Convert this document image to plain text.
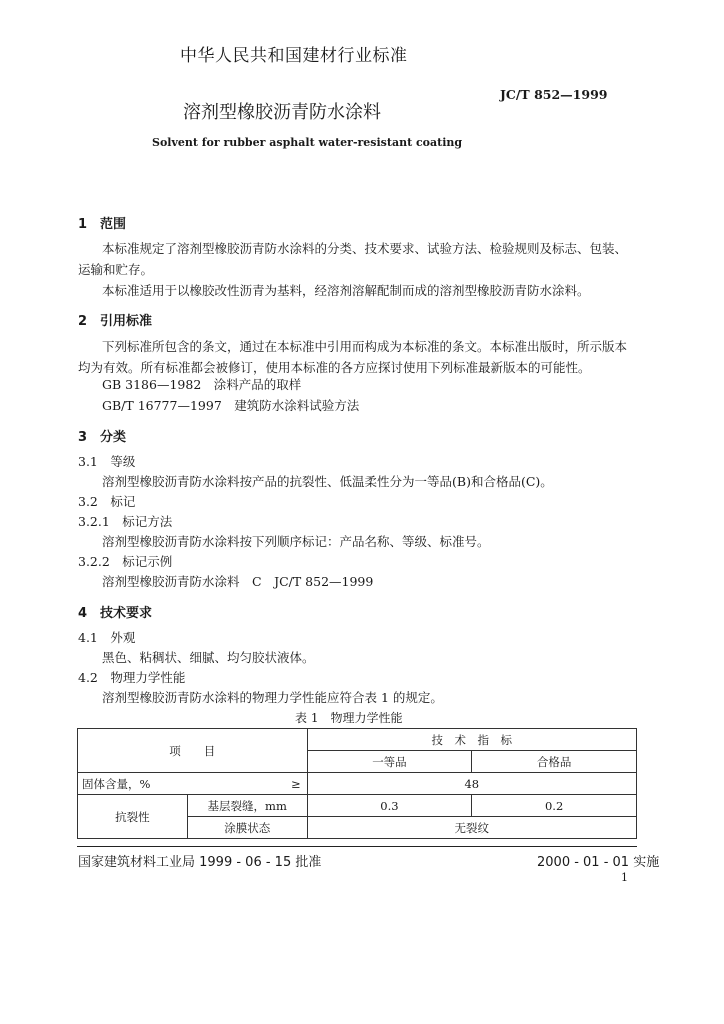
中华人民共和国建材行业标准
JC/T 852—1999
溶剂型橡胶沥青防水涂料
Solvent for rubber asphalt water-resistant coating
1　范围
本标准规定了溶剂型橡胶沥青防水涂料的分类、技术要求、试验方法、检验规则及标志、包装、运输和贮存。
本标准适用于以橡胶改性沥青为基料，经溶剂溶解配制而成的溶剂型橡胶沥青防水涂料。
2　引用标准
下列标准所包含的条文，通过在本标准中引用而构成为本标准的条文。本标准出版时，所示版本均为有效。所有标准都会被修订，使用本标准的各方应探讨使用下列标准最新版本的可能性。
GB 3186—1982　涂料产品的取样
GB/T 16777—1997　建筑防水涂料试验方法
3　分类
3.1　等级
溶剂型橡胶沥青防水涂料按产品的抗裂性、低温柔性分为一等品(B)和合格品(C)。
3.2　标记
3.2.1　标记方法
溶剂型橡胶沥青防水涂料按下列顺序标记：产品名称、等级、标准号。
3.2.2　标记示例
溶剂型橡胶沥青防水涂料　C　JC/T 852—1999
4　技术要求
4.1　外观
黑色、粘稠状、细腻、均匀胶状液体。
4.2　物理力学性能
溶剂型橡胶沥青防水涂料的物理力学性能应符合表 1 的规定。
表 1　物理力学性能
项　　目		技　术　指　标	
		一等品	合格品
固体含量，%	≥	48	
抗裂性	基层裂缝，mm	0.3	0.2
	涂膜状态	无裂纹	
国家建筑材料工业局 1999 - 06 - 15 批准	2000 - 01 - 01 实施
1
